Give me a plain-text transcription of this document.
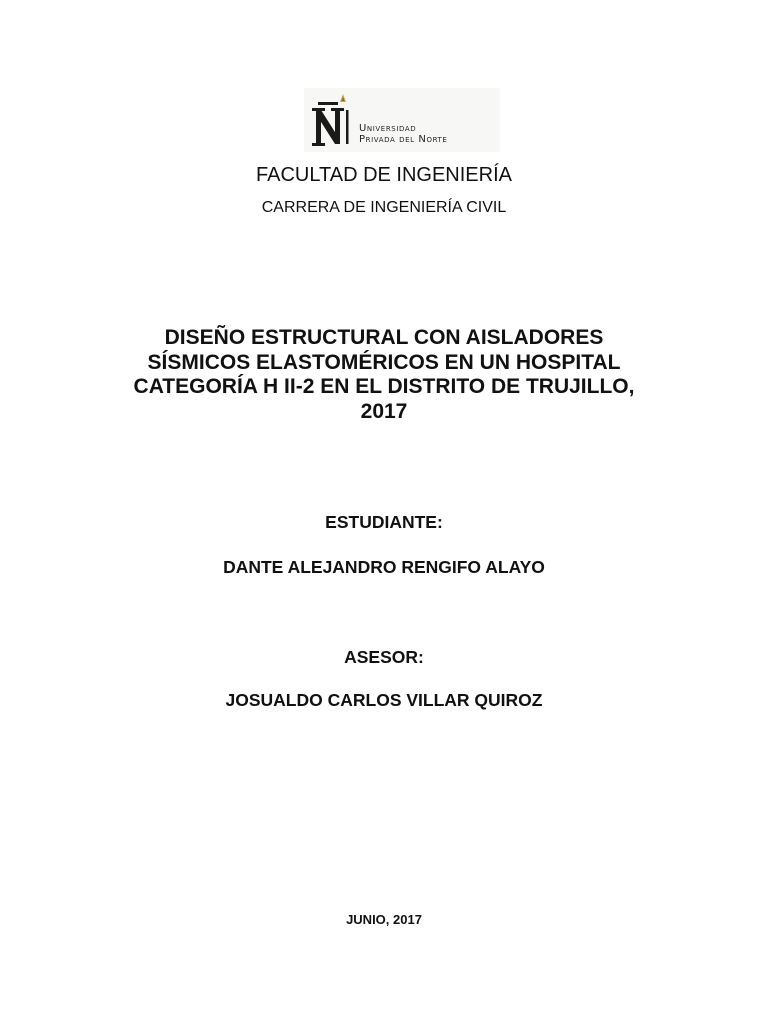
Universidad
Privada del Norte
FACULTAD DE INGENIERÍA
CARRERA DE INGENIERÍA CIVIL
DISEÑO ESTRUCTURAL CON AISLADORES
SÍSMICOS ELASTOMÉRICOS EN UN HOSPITAL
CATEGORÍA H II-2 EN EL DISTRITO DE TRUJILLO,
2017
ESTUDIANTE:
DANTE ALEJANDRO RENGIFO ALAYO
ASESOR:
JOSUALDO CARLOS VILLAR QUIROZ
JUNIO, 2017
